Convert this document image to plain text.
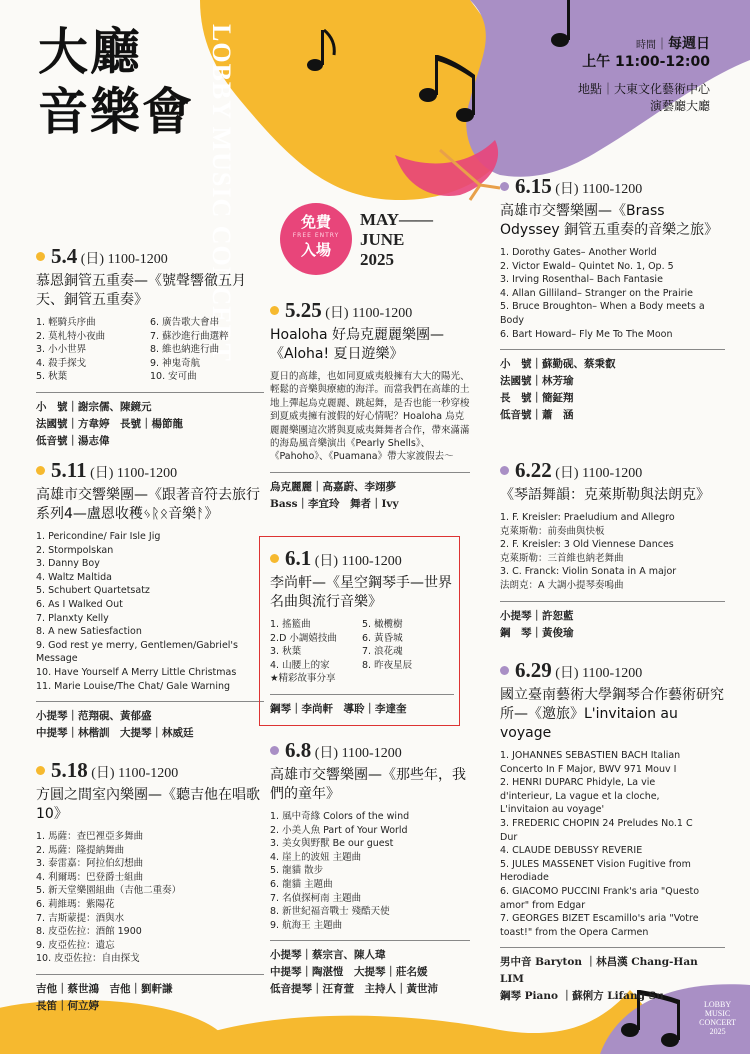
大廳
音樂會 LOBBY MUSIC CONCERT	時間｜每週日
上午 11:00-12:00
地點｜大東文化藝術中心
演藝廳大廳
免費
FREE ENTRY
入場
MAY——
JUNE
2025
5.4 (日) 1100-1200
慕恩銅管五重奏—《號聲響徹五月天、銅管五重奏》
1. 輕騎兵序曲
2. 莫札特小夜曲
3. 小小世界
4. 殺手探戈
5. 秋葉
6. 廣告歌大會串
7. 蘇沙進行曲選粹
8. 維也納進行曲
9. 神鬼奇航
10. 安可曲
小　號｜謝宗儒、陳鏡元
法國號｜方韋婷　長號｜楊節龍
低音號｜湯志偉
5.11 (日) 1100-1200
高雄市交響樂團—《跟著音符去旅行系列4—盧恩收穫ᛃᚱᛟ音樂ᚨ》
1. Pericondine/ Fair Isle Jig
2. Stormpolskan
3. Danny Boy
4. Waltz Maltida
5. Schubert Quartetsatz
6. As I Walked Out
7. Planxty Kelly
8. A new Satiesfaction
9. God rest ye merry, Gentlemen/Gabriel's
Message
10. Have Yourself A Merry Little Christmas
11. Marie Louise/The Chat/ Gale Warning
小提琴｜范翔硯、黃郁盛
中提琴｜林楷訓　大提琴｜林威廷
5.18 (日) 1100-1200
方圓之間室內樂團—《聽吉他在唱歌 10》
1. 馬薩：查巴裡亞多舞曲
2. 馬薩：隆提納舞曲
3. 泰雷嘉：阿拉伯幻想曲
4. 利爾瑪：巴登爵士組曲
5. 新天堂樂園組曲（吉他二重奏）
6. 莉維瑪：紫陽花
7. 吉斯蒙提：酒與水
8. 皮亞佐拉：酒館 1900
9. 皮亞佐拉：遺忘
10. 皮亞佐拉：自由探戈
吉他｜蔡世鴻　吉他｜劉軒謙
長笛｜何立婷
5.25 (日) 1100-1200
Hoaloha 好烏克麗麗樂團—《Aloha! 夏日遊樂》
夏日的高雄，也如同夏威夷般擁有大大的陽光、輕鬆的音樂與療癒的海洋。而當我們在高雄的土地上彈起烏克麗麗、跳起舞，是否也能一秒穿梭到夏威夷擁有渡假的好心情呢？Hoaloha 烏克麗麗樂團這次將與夏威夷舞舞者合作，帶來滿滿的海島風音樂演出《Pearly Shells》、《Pahoho》、《Puamana》帶大家渡假去～
烏克麗麗｜高嘉蔚、李翊夢
Bass｜李宜玲　舞者｜Ivy
6.1 (日) 1100-1200
李尚軒—《星空鋼琴手—世界名曲與流行音樂》
1. 搖籃曲
2.D 小調嬉技曲
3. 秋葉
4. 山腰上的家
5. 橄欖樹
6. 黃昏城
7. 浪花魂
8. 昨夜星辰
★精彩故事分享
鋼琴｜李尚軒　導聆｜李達奎
6.8 (日) 1100-1200
高雄市交響樂團—《那些年，我們的童年》
1. 風中奇緣 Colors of the wind
2. 小美人魚 Part of Your World
3. 美女與野獸 Be our guest
4. 崖上的波妞 主題曲
5. 龍貓 散步
6. 龍貓 主題曲
7. 名偵探柯南 主題曲
8. 新世紀福音戰士 殘酷天使
9. 航海王 主題曲
小提琴｜蔡宗言、陳人瑋
中提琴｜陶湛愷　大提琴｜莊名媛
低音提琴｜汪育萱　主持人｜黃世沛
6.15 (日) 1100-1200
高雄市交響樂團—《Brass Odyssey 銅管五重奏的音樂之旅》
1. Dorothy Gates– Another World
2. Victor Ewald– Quintet No. 1, Op. 5
3. Irving Rosenthal– Bach Fantasie
4. Allan Gilliland– Stranger on the Prairie
5. Bruce Broughton– When a Body meets a
Body
6. Bart Howard– Fly Me To The Moon
小　號｜蘇勤砚、蔡秉叡
法國號｜林芳瑜
長　號｜簡鉦翔
低音號｜蕭　涵
6.22 (日) 1100-1200
《琴語舞韻：克萊斯勒與法朗克》
1. F. Kreisler: Praeludium and Allegro
克萊斯勒：前奏曲與快板
2. F. Kreisler: 3 Old Viennese Dances
克萊斯勒：三首維也納老舞曲
3. C. Franck: Violin Sonata in A major
法朗克：A 大調小提琴奏鳴曲
小提琴｜許恕藍
鋼　琴｜黃俊瑜
6.29 (日) 1100-1200
國立臺南藝術大學鋼琴合作藝術研究所—《邀旅》L'invitaion au voyage
1. JOHANNES SEBASTIEN BACH Italian
Concerto In F Major, BWV 971 Mouv I
2. HENRI DUPARC Phidyle, La vie
d'interieur, La vague et la cloche,
L'invitaion au voyage'
3. FREDERIC CHOPIN 24 Preludes No.1 C
Dur
4. CLAUDE DEBUSSY REVERIE
5. JULES MASSENET Vision Fugitive from
Herodiade
6. GIACOMO PUCCINI Frank's aria "Questo
amor" from Edgar
7. GEORGES BIZET Escamillo's aria "Votre
toast!" from the Opera Carmen
男中音 Baryton ｜林昌漢 Chang-Han LIM
鋼琴 Piano ｜蘇俐方 Lifang Su
LOBBY
MUSIC
CONCERT
2025
